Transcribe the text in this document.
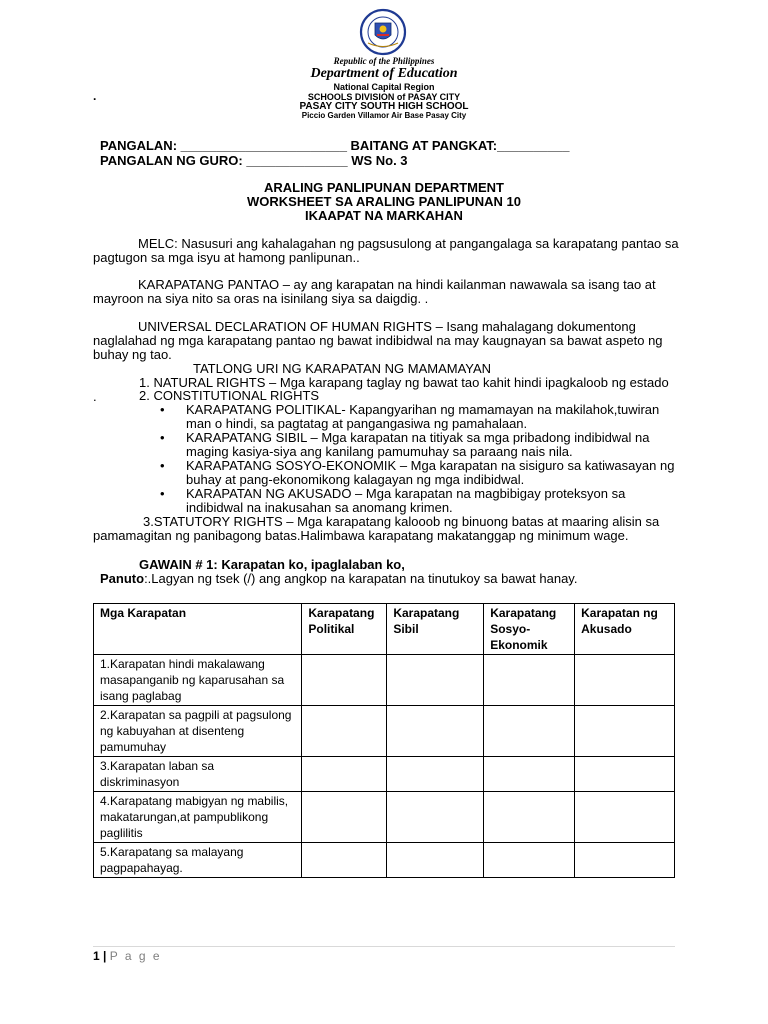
Republic of the Philippines
Department of Education
National Capital Region
SCHOOLS DIVISION of PASAY CITY
PASAY CITY SOUTH HIGH SCHOOL
Piccio Garden Villamor Air Base Pasay City
.
PANGALAN: _______________________ BAITANG AT PANGKAT:__________
PANGALAN NG GURO: ______________ WS No. 3
ARALING PANLIPUNAN DEPARTMENT
WORKSHEET SA ARALING PANLIPUNAN 10
IKAAPAT NA MARKAHAN
MELC: Nasusuri ang kahalagahan ng pagsusulong at pangangalaga sa karapatang pantao sa pagtugon sa mga isyu at hamong panlipunan..
KARAPATANG PANTAO – ay ang karapatan na hindi kailanman nawawala sa isang tao at mayroon na siya nito sa oras na isinilang siya sa daigdig. .
UNIVERSAL DECLARATION OF HUMAN RIGHTS – Isang mahalagang dokumentong naglalahad ng mga karapatang pantao ng bawat indibidwal na may kaugnayan sa bawat aspeto ng buhay ng tao.
TATLONG URI NG KARAPATAN NG MAMAMAYAN
1. NATURAL RIGHTS – Mga karapang taglay ng bawat tao kahit hindi ipagkaloob ng estado
.	2. CONSTITUTIONAL RIGHTS
•	KARAPATANG POLITIKAL- Kapangyarihan ng mamamayan na makilahok,tuwiran man o hindi, sa pagtatag at pangangasiwa ng pamahalaan.
•	KARAPATANG SIBIL – Mga karapatan na titiyak sa mga pribadong indibidwal na maging kasiya-siya ang kanilang pamumuhay sa paraang nais nila.
•	KARAPATANG SOSYO-EKONOMIK – Mga karapatan na sisiguro sa katiwasayan ng buhay at pang-ekonomikong kalagayan ng mga indibidwal.
•	KARAPATAN NG AKUSADO – Mga karapatan na magbibigay proteksyon sa indibidwal na inakusahan sa anomang krimen.
3.STATUTORY RIGHTS – Mga karapatang kalooob ng binuong batas at maaring alisin sa pamamagitan ng panibagong batas.Halimbawa karapatang makatanggap ng minimum wage.
GAWAIN # 1: Karapatan ko, ipaglalaban ko,
Panuto:.Lagyan ng tsek (/) ang angkop na karapatan na tinutukoy sa bawat hanay.
Mga Karapatan	Karapatang Politikal	Karapatang Sibil	Karapatang Sosyo-Ekonomik	Karapatan ng Akusado
1.Karapatan hindi makalawang masapanganib ng kaparusahan sa isang paglabag				
2.Karapatan sa pagpili at pagsulong ng kabuyahan at disenteng pamumuhay				
3.Karapatan laban sa diskriminasyon				
4.Karapatang mabigyan ng mabilis, makatarungan,at pampublikong paglilitis				
5.Karapatang sa malayang pagpapahayag.				
1 | P a g e
